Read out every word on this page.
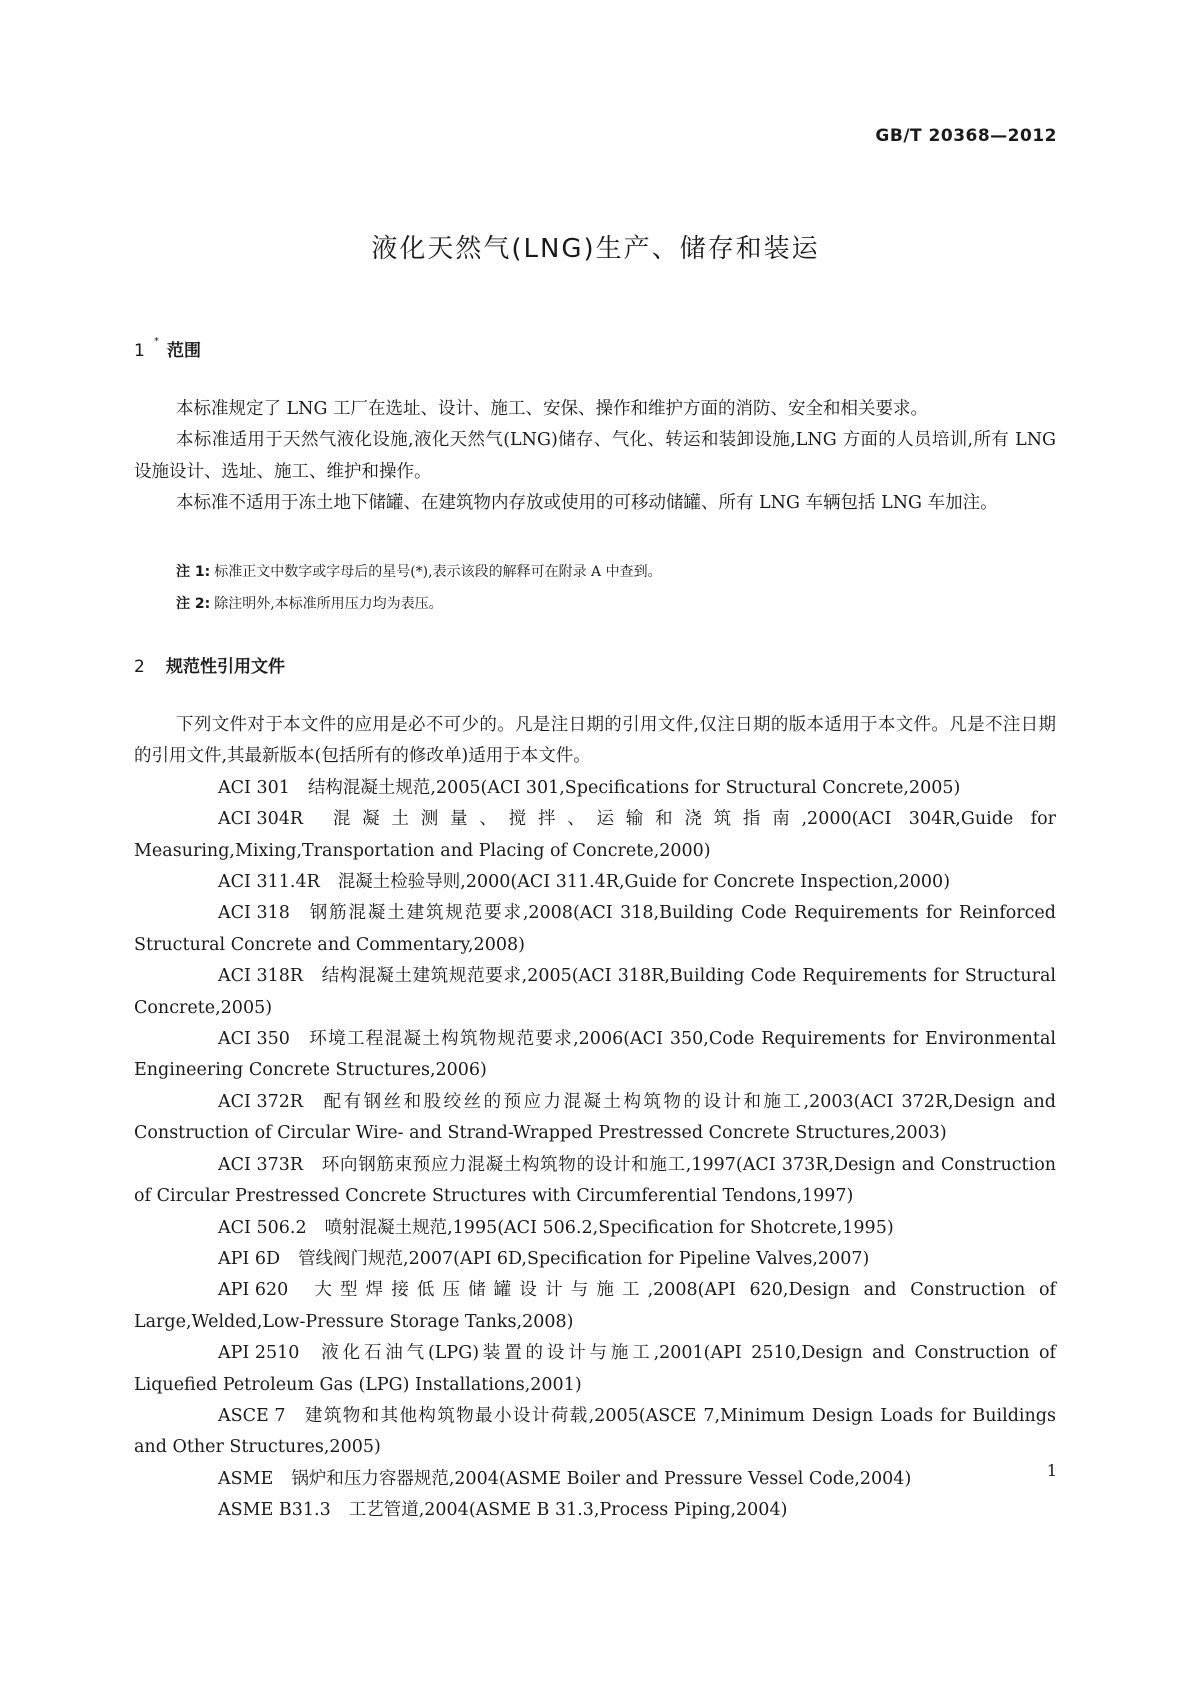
GB/T 20368—2012
液化天然气(LNG)生产、储存和装运
1 * 范围

本标准规定了 LNG 工厂在选址、设计、施工、安保、操作和维护方面的消防、安全和相关要求。

本标准适用于天然气液化设施,液化天然气(LNG)储存、气化、转运和装卸设施,LNG 方面的人员培训,所有 LNG 设施设计、选址、施工、维护和操作。

本标准不适用于冻土地下储罐、在建筑物内存放或使用的可移动储罐、所有 LNG 车辆包括 LNG 车加注。

注 1: 标准正文中数字或字母后的星号(*),表示该段的解释可在附录 A 中查到。

注 2: 除注明外,本标准所用压力均为表压。

2 规范性引用文件

下列文件对于本文件的应用是必不可少的。凡是注日期的引用文件,仅注日期的版本适用于本文件。凡是不注日期的引用文件,其最新版本(包括所有的修改单)适用于本文件。

ACI 301 结构混凝土规范,2005(ACI 301,Specifications for Structural Concrete,2005)

ACI 304R 混凝土测量、搅拌、运输和浇筑指南,2000(ACI 304R,Guide for Measuring,Mixing,Transportation and Placing of Concrete,2000)

ACI 311.4R 混凝土检验导则,2000(ACI 311.4R,Guide for Concrete Inspection,2000)

ACI 318 钢筋混凝土建筑规范要求,2008(ACI 318,Building Code Requirements for Reinforced Structural Concrete and Commentary,2008)

ACI 318R 结构混凝土建筑规范要求,2005(ACI 318R,Building Code Requirements for Structural Concrete,2005)

ACI 350 环境工程混凝土构筑物规范要求,2006(ACI 350,Code Requirements for Environmental Engineering Concrete Structures,2006)

ACI 372R 配有钢丝和股绞丝的预应力混凝土构筑物的设计和施工,2003(ACI 372R,Design and Construction of Circular Wire- and Strand-Wrapped Prestressed Concrete Structures,2003)

ACI 373R 环向钢筋束预应力混凝土构筑物的设计和施工,1997(ACI 373R,Design and Construction of Circular Prestressed Concrete Structures with Circumferential Tendons,1997)

ACI 506.2 喷射混凝土规范,1995(ACI 506.2,Specification for Shotcrete,1995)

API 6D 管线阀门规范,2007(API 6D,Specification for Pipeline Valves,2007)

API 620 大型焊接低压储罐设计与施工,2008(API 620,Design and Construction of Large,Welded,Low-Pressure Storage Tanks,2008)

API 2510 液化石油气(LPG)装置的设计与施工,2001(API 2510,Design and Construction of Liquefied Petroleum Gas (LPG) Installations,2001)

ASCE 7 建筑物和其他构筑物最小设计荷载,2005(ASCE 7,Minimum Design Loads for Buildings and Other Structures,2005)

ASME 锅炉和压力容器规范,2004(ASME Boiler and Pressure Vessel Code,2004)

ASME B31.3 工艺管道,2004(ASME B 31.3,Process Piping,2004)

1
